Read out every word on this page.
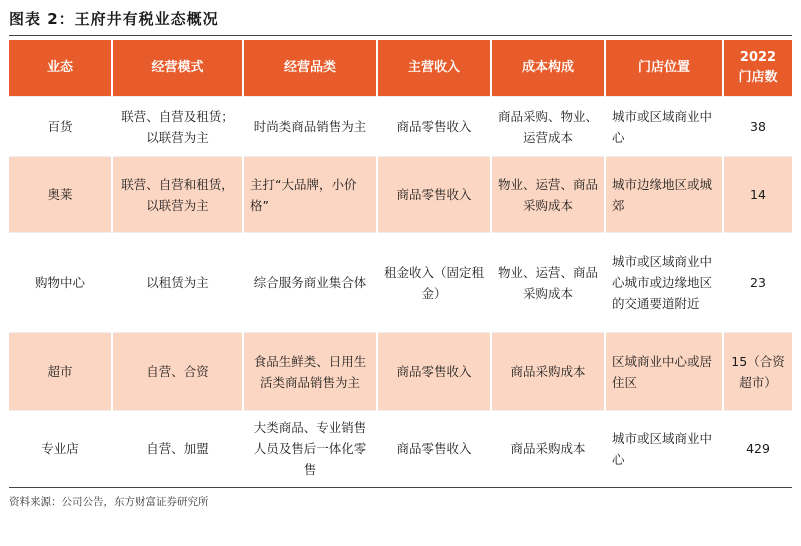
图表 2：王府井有税业态概况
业态	经营模式	经营品类	主营收入	成本构成	门店位置	2022
门店数
百货	联营、自营及租赁；以联营为主	时尚类商品销售为主	商品零售收入	商品采购、物业、运营成本	城市或区域商业中心	38
奥莱	联营、自营和租赁，以联营为主	主打“大品牌，小价格”	商品零售收入	物业、运营、商品采购成本	城市边缘地区或城郊	14
购物中心	以租赁为主	综合服务商业集合体	租金收入（固定租金）	物业、运营、商品采购成本	城市或区域商业中心城市或边缘地区的交通要道附近	23
超市	自营、合资	食品生鲜类、日用生活类商品销售为主	商品零售收入	商品采购成本	区域商业中心或居住区	15（合资超市）
专业店	自营、加盟	大类商品、专业销售人员及售后一体化零售	商品零售收入	商品采购成本	城市或区域商业中心	429
资料来源：公司公告，东方财富证券研究所
